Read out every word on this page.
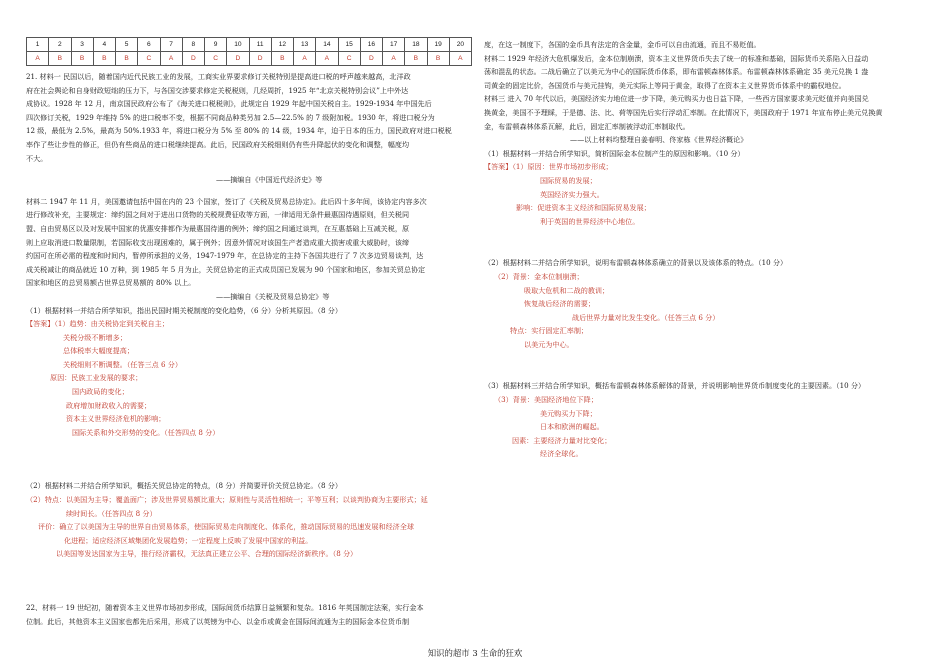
1	2	3	4	5	6	7	8	9	10	11	12	13	14	15	16	17	18	19	20
A	B	B	B	B	C	A	D	C	D	D	B	A	A	C	D	A	B	B	A

21. 材料一 民国以后，随着国内近代民族工业的发展，工商实业界要求修订关税特别是提高进口税的呼声越来越高，北洋政

府在社会舆论和自身财政短绌的压力下，与各国交涉要求修定关税税则，几经周折，1925 年“北京关税特别会议”上中外达

成协议。1928 年 12 月，南京国民政府公布了《海关进口税税则》，此规定自 1929 年起中国关税自主。1929-1934 年中国先后

四次修订关税，1929 年维持 5% 的进口税率不变，根据不同商品种类另加 2.5—22.5% 的 7 级附加税。1930 年，将进口税分为

12 级，最低为 2.5%，最高为 50%.1933 年，将进口税分为 5% 至 80% 的 14 级，1934 年，迫于日本的压力，国民政府对进口税税

率作了些让步性的修正，但仍有些商品的进口税继续提高。此后，民国政府关税细则仍有些升降起伏的变化和调整，幅度均

不大。

——摘编自《中国近代经济史》等

材料二 1947 年 11 月，美国邀请包括中国在内的 23 个国家，签订了《关税及贸易总协定》。此后四十多年间，该协定内容多次

进行修改补充，主要规定：缔约国之间对于进出口货物的关税规费征收等方面，一律适用无条件最惠国待遇原则，但关税同

盟、自由贸易区以及对发展中国家的优惠安排都作为最惠国待遇的例外；缔约国之间通过谈判，在互惠基础上互减关税，原

则上应取消进口数量限制，若国际收支出现困难的，属于例外；因意外情况对该国生产者造成重大损害或重大威胁时，该缔

约国可在所必需的程度和时间内，暂停所承担的义务，1947-1979 年，在总协定的主持下各国共进行了 7 次多边贸易谈判，达

成关税减让的商品就近 10 万种，到 1985 年 5 月为止，关贸总协定的正式成员国已发展为 90 个国家和地区，参加关贸总协定

国家和地区的总贸易额占世界总贸易额的 80% 以上。

——摘编自《关税及贸易总协定》等

（1）根据材料一并结合所学知识，指出民国时期关税制度的变化趋势，（6 分）分析其原因。（8 分）

【答案】（1）趋势：由关税协定到关税自主；

关税分级不断增多；

总体税率大幅度提高；

关税细则不断调整。（任答三点 6 分）

原因：民族工业发展的要求；

国内政局的变化；

政府增加财政收入的需要；

资本主义世界经济危机的影响；

国际关系和外交形势的变化。（任答四点 8 分）

（2）根据材料二并结合所学知识，概括关贸总协定的特点，（8 分）并简要评价关贸总协定。（8 分）

（2）特点：以美国为主导；覆盖面广；涉及世界贸易额比重大；原则性与灵活性相统一；平等互利；以谈判协商为主要形式；延

续时间长。（任答四点 8 分）

评价：确立了以美国为主导的世界自由贸易体系，使国际贸易走向制度化、体系化，推动国际贸易的迅速发展和经济全球

化进程；适应经济区域集团化发展趋势；一定程度上反映了发展中国家的利益。

以美国等发达国家为主导，推行经济霸权，无法真正建立公平、合理的国际经济新秩序。（8 分）

22、材料一 19 世纪初，随着资本主义世界市场初步形成，国际间货币结算日益频繁和复杂。1816 年英国制定法案，实行金本

位制。此后，其他资本主义国家也都先后采用，形成了以英镑为中心、以金币或黄金在国际间流通为主的国际金本位货币制

度，在这一制度下，各国的金币具有法定的含金量，金币可以自由流通，而且不易贬值。

材料二 1929 年经济大危机爆发后，金本位制崩溃，资本主义世界货币失去了统一的标准和基础，国际货币关系陷入日益动

荡和混乱的状态。二战后确立了以美元为中心的国际货币体系，即布雷顿森林体系。布雷顿森林体系确定 35 美元兑换 1 盎

司黄金的固定比价，各国货币与美元挂钩，美元实际上等同于黄金，取得了在资本主义世界货币体系中的霸权地位。

材料三 进入 70 年代以后，美国经济实力地位进一步下降，美元购买力也日益下降，一些西方国家要求美元贬值并向美国兑

换黄金，美国不予理睬，于是德、法、比、荷等国先后实行浮动汇率制。在此情况下，美国政府于 1971 年宣布停止美元兑换黄

金，布雷顿森林体系瓦解，此后，固定汇率制被浮动汇率制取代。

——以上材料均整理自姜春明、佟家栋《世界经济概论》

（1）根据材料一并结合所学知识，简析国际金本位制产生的原因和影响。（10 分）

【答案】（1）原因：世界市场初步形成；

国际贸易的发展；

英国经济实力强大。

影响：促进资本主义经济和国际贸易发展；

利于英国的世界经济中心地位。

（2）根据材料二并结合所学知识，说明布雷顿森林体系确立的背景以及该体系的特点。（10 分）

（2）背景：金本位制崩溃；

吸取大危机和二战的教训；

恢复战后经济的需要；

战后世界力量对比发生变化。（任答三点 6 分）

特点：实行固定汇率制；

以美元为中心。

（3）根据材料三并结合所学知识，概括布雷顿森林体系解体的背景，并说明影响世界货币制度变化的主要因素。（10 分）

（3）背景：美国经济地位下降；

美元购买力下降；

日本和欧洲的崛起。

因素：主要经济力量对比变化；

经济全球化。

知识的超市 3 生命的狂欢
